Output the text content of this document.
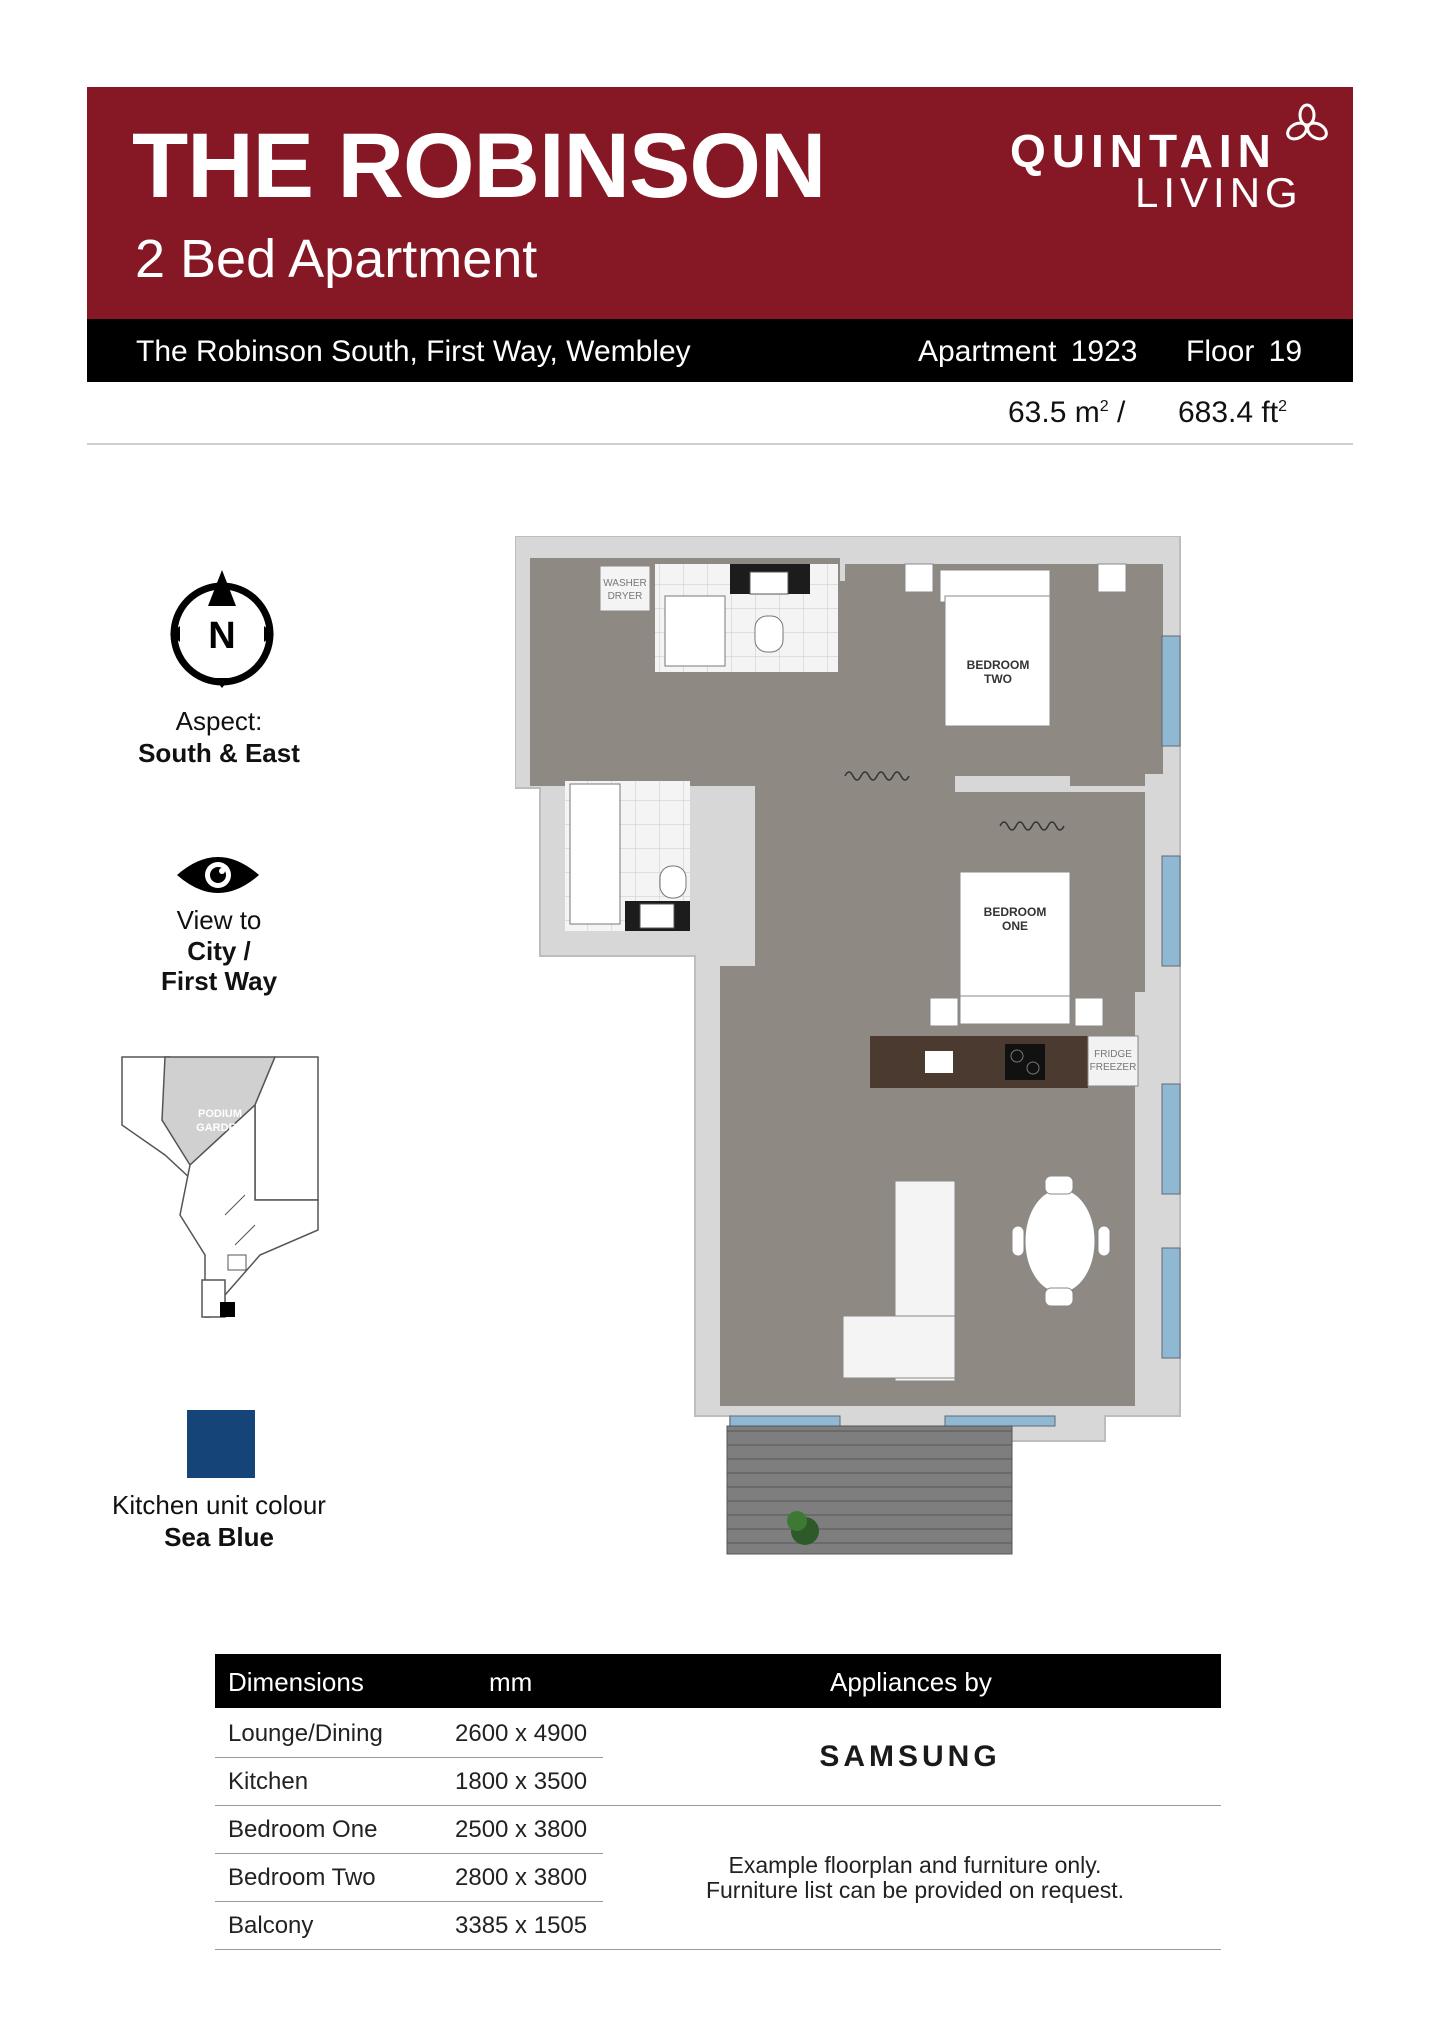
THE ROBINSON
2 Bed Apartment
QUINTAIN
LIVING
The Robinson South, First Way, Wembley	Apartment 1923 Floor 19
63.5 $m^2 / 683.4$ $ft^2$
N
Aspect:
South & East
View to
City /
First Way
PODIUM
GARDEN
Kitchen unit colour
Sea Blue
WASHER
DRYER
BEDROOM
TWO
BEDROOM
ONE
FRIDGE
FREEZER
Dimensions	mm	Appliances by
Lounge/Dining	2600 x 4900
Kitchen	1800 x 3500
Bedroom One	2500 x 3800
Bedroom Two	2800 x 3800
Balcony	3385 x 1505
SAMSUNG
Example floorplan and furniture only.
Furniture list can be provided on request.
